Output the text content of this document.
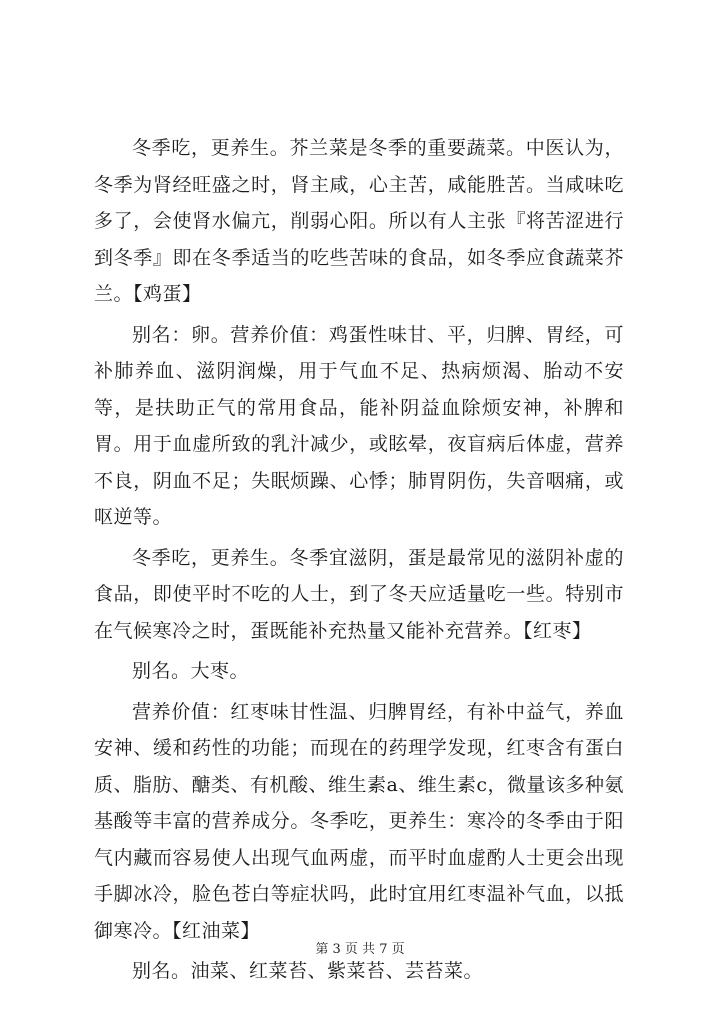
冬季吃，更养生。芥兰菜是冬季的重要蔬菜。中医认为，冬季为肾经旺盛之时，肾主咸，心主苦，咸能胜苦。当咸味吃多了，会使肾水偏亢，削弱心阳。所以有人主张『将苦涩进行到冬季』即在冬季适当的吃些苦味的食品，如冬季应食蔬菜芥兰。【鸡蛋】

别名：卵。营养价值：鸡蛋性味甘、平，归脾、胃经，可补肺养血、滋阴润燥，用于气血不足、热病烦渴、胎动不安等，是扶助正气的常用食品，能补阴益血除烦安神，补脾和胃。用于血虚所致的乳汁减少，或眩晕，夜盲病后体虚，营养不良，阴血不足；失眠烦躁、心悸；肺胃阴伤，失音咽痛，或呕逆等。

冬季吃，更养生。冬季宜滋阴，蛋是最常见的滋阴补虚的食品，即使平时不吃的人士，到了冬天应适量吃一些。特别市在气候寒冷之时，蛋既能补充热量又能补充营养。【红枣】

别名。大枣。

营养价值：红枣味甘性温、归脾胃经，有补中益气，养血安神、缓和药性的功能；而现在的药理学发现，红枣含有蛋白质、脂肪、醣类、有机酸、维生素a、维生素c，微量该多种氨基酸等丰富的营养成分。冬季吃，更养生：寒冷的冬季由于阳气内藏而容易使人出现气血两虚，而平时血虚酌人士更会出现手脚冰冷，脸色苍白等症状吗，此时宜用红枣温补气血，以抵御寒冷。【红油菜】

别名。油菜、红菜苔、紫菜苔、芸苔菜。

第 3 页 共 7 页
